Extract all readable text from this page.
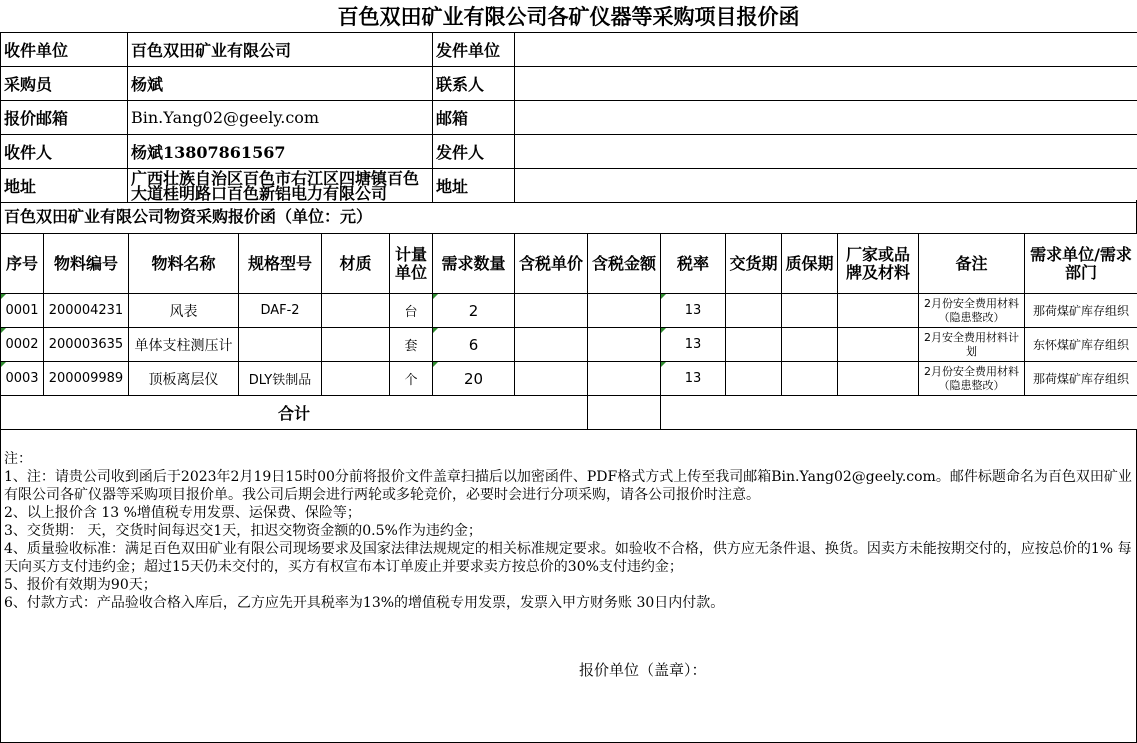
百色双田矿业有限公司各矿仪器等采购项目报价函
收件单位	百色双田矿业有限公司	发件单位	
采购员	杨斌	联系人	
报价邮箱	Bin.Yang02@geely.com	邮箱	
收件人	杨斌13807861567	发件人	
地址	广西壮族自治区百色市右江区四塘镇百色大道桂明路口百色新铝电力有限公司	地址	
百色双田矿业有限公司物资采购报价函（单位：元）
序号	物料编号	物料名称	规格型号	材质	计量单位	需求数量	含税单价	含税金额	税率	交货期	质保期	厂家或品牌及材料	备注	需求单位/需求部门
0001	200004231	风表	DAF-2		台	2			13				2月份安全费用材料（隐患整改）	那荷煤矿库存组织
0002	200003635	单体支柱测压计			套	6			13				2月安全费用材料计划	东怀煤矿库存组织
0003	200009989	顶板离层仪	DLY铁制品		个	20			13				2月份安全费用材料（隐患整改）	那荷煤矿库存组织
合计														

注：

1、注：请贵公司收到函后于2023年2月19日15时00分前将报价文件盖章扫描后以加密函件、PDF格式方式上传至我司邮箱Bin.Yang02@geely.com。邮件标题命名为百色双田矿业有限公司各矿仪器等采购项目报价单。我公司后期会进行两轮或多轮竞价，必要时会进行分项采购，请各公司报价时注意。

2、以上报价含 13 %增值税专用发票、运保费、保险等；

3、交货期： 天，交货时间每迟交1天，扣迟交物资金额的0.5%作为违约金；

4、质量验收标准：满足百色双田矿业有限公司现场要求及国家法律法规规定的相关标准规定要求。如验收不合格，供方应无条件退、换货。因卖方未能按期交付的，应按总价的1% 每天向买方支付违约金；超过15天仍未交付的，买方有权宣布本订单废止并要求卖方按总价的30%支付违约金；

5、报价有效期为90天；

6、付款方式：产品验收合格入库后，乙方应先开具税率为13%的增值税专用发票，发票入甲方财务账 30日内付款。

报价单位（盖章）：
